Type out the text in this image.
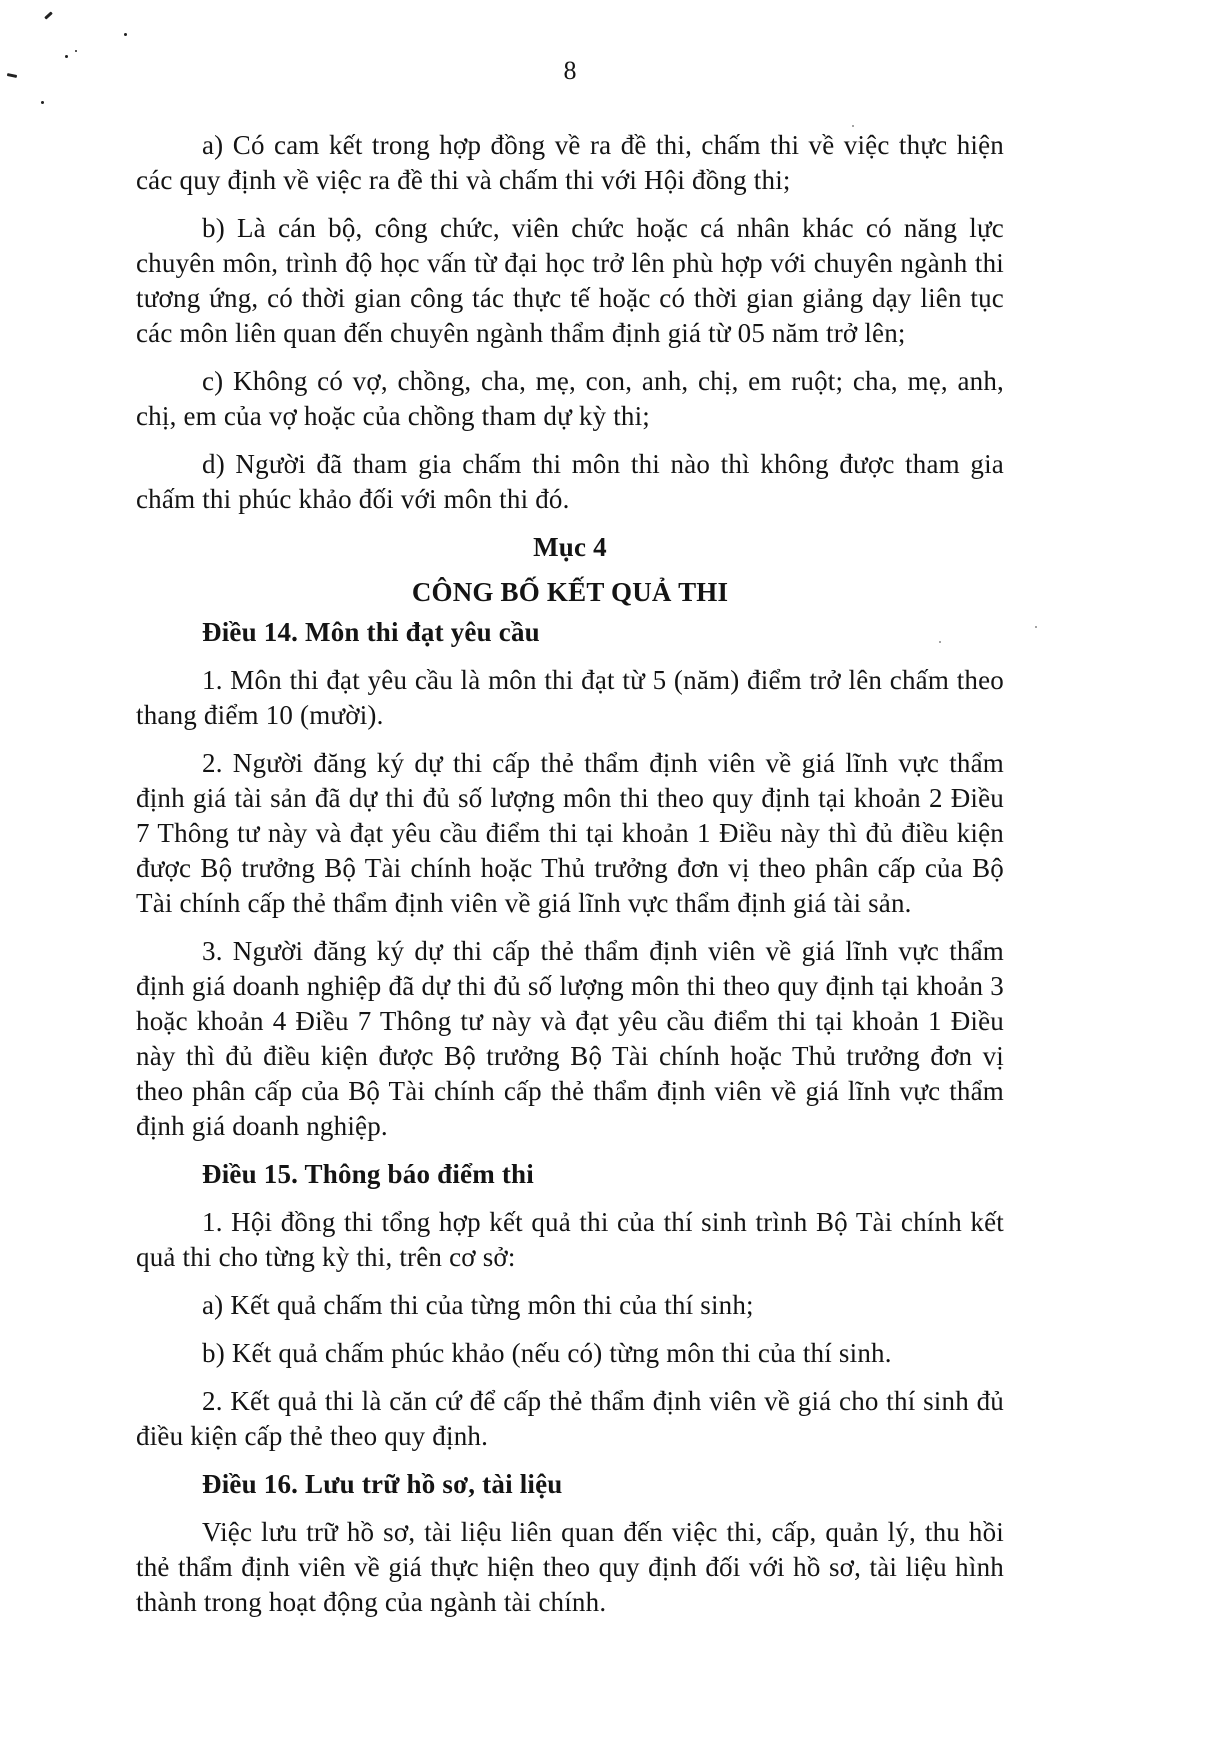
8

a) Có cam kết trong hợp đồng về ra đề thi, chấm thi về việc thực hiện các quy định về việc ra đề thi và chấm thi với Hội đồng thi;

b) Là cán bộ, công chức, viên chức hoặc cá nhân khác có năng lực chuyên môn, trình độ học vấn từ đại học trở lên phù hợp với chuyên ngành thi tương ứng, có thời gian công tác thực tế hoặc có thời gian giảng dạy liên tục các môn liên quan đến chuyên ngành thẩm định giá từ 05 năm trở lên;

c) Không có vợ, chồng, cha, mẹ, con, anh, chị, em ruột; cha, mẹ, anh, chị, em của vợ hoặc của chồng tham dự kỳ thi;

d) Người đã tham gia chấm thi môn thi nào thì không được tham gia chấm thi phúc khảo đối với môn thi đó.

Mục 4

CÔNG BỐ KẾT QUẢ THI

Điều 14. Môn thi đạt yêu cầu

1. Môn thi đạt yêu cầu là môn thi đạt từ 5 (năm) điểm trở lên chấm theo thang điểm 10 (mười).

2. Người đăng ký dự thi cấp thẻ thẩm định viên về giá lĩnh vực thẩm định giá tài sản đã dự thi đủ số lượng môn thi theo quy định tại khoản 2 Điều 7 Thông tư này và đạt yêu cầu điểm thi tại khoản 1 Điều này thì đủ điều kiện được Bộ trưởng Bộ Tài chính hoặc Thủ trưởng đơn vị theo phân cấp của Bộ Tài chính cấp thẻ thẩm định viên về giá lĩnh vực thẩm định giá tài sản.

3. Người đăng ký dự thi cấp thẻ thẩm định viên về giá lĩnh vực thẩm định giá doanh nghiệp đã dự thi đủ số lượng môn thi theo quy định tại khoản 3 hoặc khoản 4 Điều 7 Thông tư này và đạt yêu cầu điểm thi tại khoản 1 Điều này thì đủ điều kiện được Bộ trưởng Bộ Tài chính hoặc Thủ trưởng đơn vị theo phân cấp của Bộ Tài chính cấp thẻ thẩm định viên về giá lĩnh vực thẩm định giá doanh nghiệp.

Điều 15. Thông báo điểm thi

1. Hội đồng thi tổng hợp kết quả thi của thí sinh trình Bộ Tài chính kết quả thi cho từng kỳ thi, trên cơ sở:

a) Kết quả chấm thi của từng môn thi của thí sinh;

b) Kết quả chấm phúc khảo (nếu có) từng môn thi của thí sinh.

2. Kết quả thi là căn cứ để cấp thẻ thẩm định viên về giá cho thí sinh đủ điều kiện cấp thẻ theo quy định.

Điều 16. Lưu trữ hồ sơ, tài liệu

Việc lưu trữ hồ sơ, tài liệu liên quan đến việc thi, cấp, quản lý, thu hồi thẻ thẩm định viên về giá thực hiện theo quy định đối với hồ sơ, tài liệu hình thành trong hoạt động của ngành tài chính.
